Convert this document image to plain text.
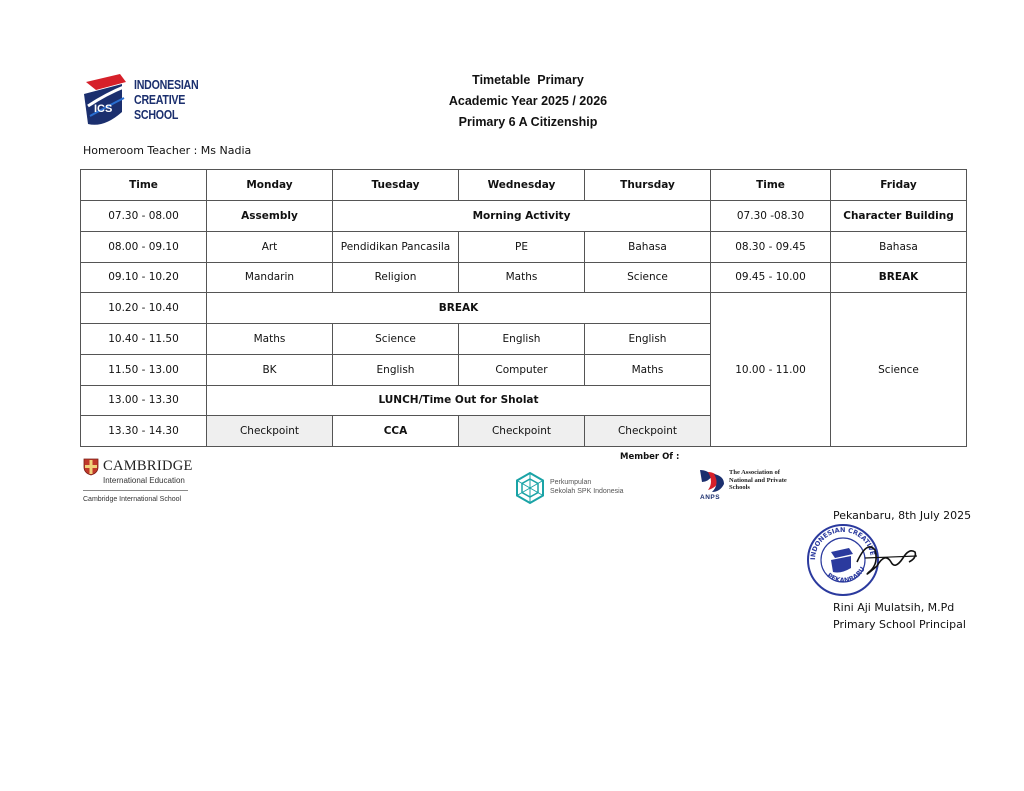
ICS
INDONESIAN
CREATIVE
SCHOOL
Timetable  Primary
Academic Year 2025 / 2026
Primary 6 A Citizenship
Homeroom Teacher : Ms Nadia
Time	Monday	Tuesday	Wednesday	Thursday	Time	Friday
07.30 - 08.00	Assembly	Morning Activity			07.30 -08.30	Character Building
08.00 - 09.10	Art	Pendidikan Pancasila	PE	Bahasa	08.30 - 09.45	Bahasa
09.10 - 10.20	Mandarin	Religion	Maths	Science	09.45 - 10.00	BREAK
10.20 - 10.40	BREAK				10.00 - 11.00	Science
10.40 - 11.50	Maths	Science	English	English		
11.50 - 13.00	BK	English	Computer	Maths		
13.00 - 13.30	LUNCH/Time Out for Sholat					
13.30 - 14.30	Checkpoint	CCA	Checkpoint	Checkpoint		
CAMBRIDGE
International Education
Cambridge International School
Member Of :
Perkumpulan
Sekolah SPK Indonesia
ANPS
The Association of
National and Private
Schools
Pekanbaru, 8th July 2025
INDONESIAN CREATIVE
PEKANBARU
Rini Aji Mulatsih, M.Pd
Primary School Principal
